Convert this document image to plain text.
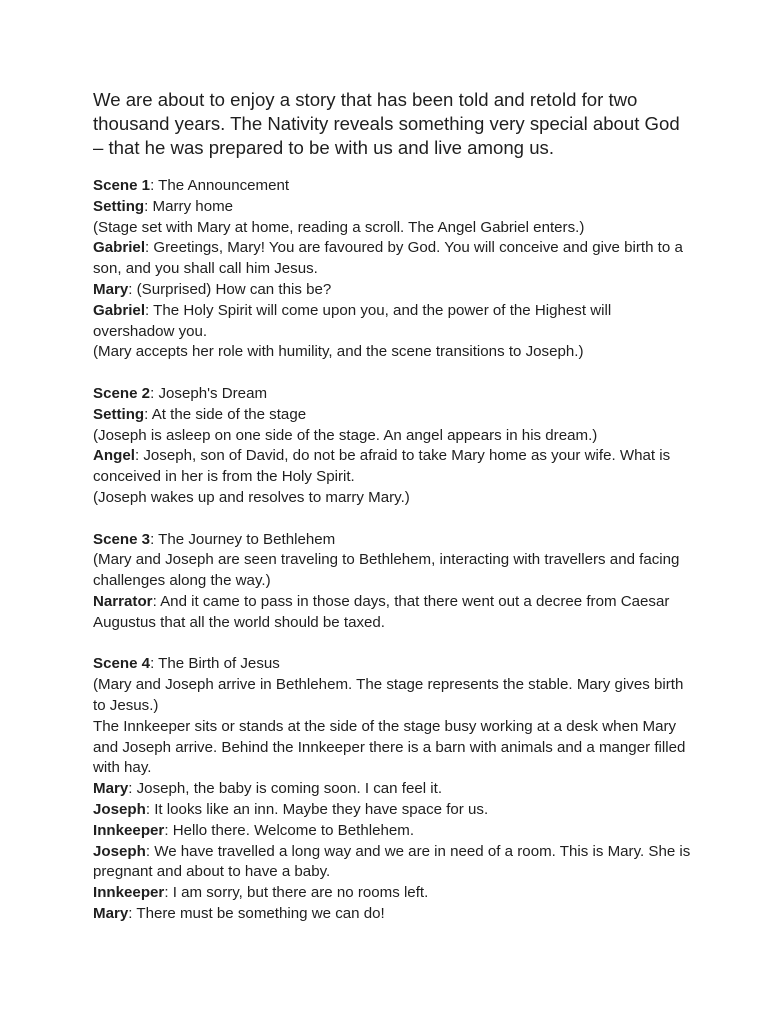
We are about to enjoy a story that has been told and retold for two thousand years. The Nativity reveals something very special about God – that he was prepared to be with us and live among us.

Scene 1: The Announcement

Setting: Marry home

(Stage set with Mary at home, reading a scroll. The Angel Gabriel enters.)

Gabriel: Greetings, Mary! You are favoured by God. You will conceive and give birth to a son, and you shall call him Jesus.

Mary: (Surprised) How can this be?

Gabriel: The Holy Spirit will come upon you, and the power of the Highest will overshadow you.

(Mary accepts her role with humility, and the scene transitions to Joseph.)

Scene 2: Joseph's Dream

Setting: At the side of the stage

(Joseph is asleep on one side of the stage. An angel appears in his dream.)

Angel: Joseph, son of David, do not be afraid to take Mary home as your wife. What is conceived in her is from the Holy Spirit.

(Joseph wakes up and resolves to marry Mary.)

Scene 3: The Journey to Bethlehem

(Mary and Joseph are seen traveling to Bethlehem, interacting with travellers and facing challenges along the way.)

Narrator: And it came to pass in those days, that there went out a decree from Caesar Augustus that all the world should be taxed.

Scene 4: The Birth of Jesus

(Mary and Joseph arrive in Bethlehem. The stage represents the stable. Mary gives birth to Jesus.)

The Innkeeper sits or stands at the side of the stage busy working at a desk when Mary and Joseph arrive. Behind the Innkeeper there is a barn with animals and a manger filled with hay.

Mary: Joseph, the baby is coming soon. I can feel it.

Joseph: It looks like an inn. Maybe they have space for us.

Innkeeper: Hello there. Welcome to Bethlehem.

Joseph: We have travelled a long way and we are in need of a room. This is Mary. She is pregnant and about to have a baby.

Innkeeper: I am sorry, but there are no rooms left.

Mary: There must be something we can do!
